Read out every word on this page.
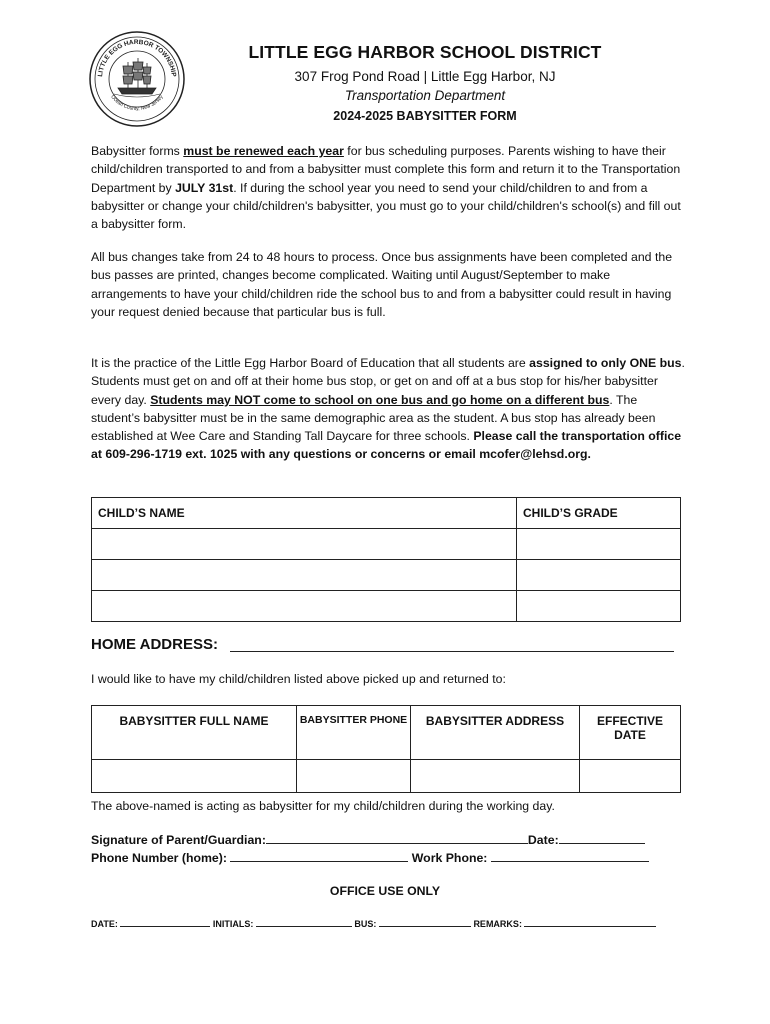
LITTLE EGG HARBOR TOWNSHIP
Ocean County, New Jersey
LITTLE EGG HARBOR SCHOOL DISTRICT
307 Frog Pond Road | Little Egg Harbor, NJ
Transportation Department
2024-2025 BABYSITTER FORM
Babysitter forms must be renewed each year for bus scheduling purposes. Parents wishing to have their child/children transported to and from a babysitter must complete this form and return it to the Transportation Department by JULY 31st. If during the school year you need to send your child/children to and from a babysitter or change your child/children's babysitter, you must go to your child/children's school(s) and fill out a babysitter form.
All bus changes take from 24 to 48 hours to process. Once bus assignments have been completed and the bus passes are printed, changes become complicated. Waiting until August/September to make arrangements to have your child/children ride the school bus to and from a babysitter could result in having your request denied because that particular bus is full.
It is the practice of the Little Egg Harbor Board of Education that all students are assigned to only ONE bus. Students must get on and off at their home bus stop, or get on and off at a bus stop for his/her babysitter every day. Students may NOT come to school on one bus and go home on a different bus. The student’s babysitter must be in the same demographic area as the student. A bus stop has already been established at Wee Care and Standing Tall Daycare for three schools. Please call the transportation office at 609-296-1719 ext. 1025 with any questions or concerns or email mcofer@lehsd.org.
CHILD’S NAME	CHILD’S GRADE

HOME ADDRESS:
I would like to have my child/children listed above picked up and returned to:
BABYSITTER FULL NAME	BABYSITTER PHONE	BABYSITTER ADDRESS	EFFECTIVE DATE

The above-named is acting as babysitter for my child/children during the working day.
Signature of Parent/Guardian:	Date:
Phone Number (home):	Work Phone:
OFFICE USE ONLY
DATE:	INITIALS:	BUS:	REMARKS:
